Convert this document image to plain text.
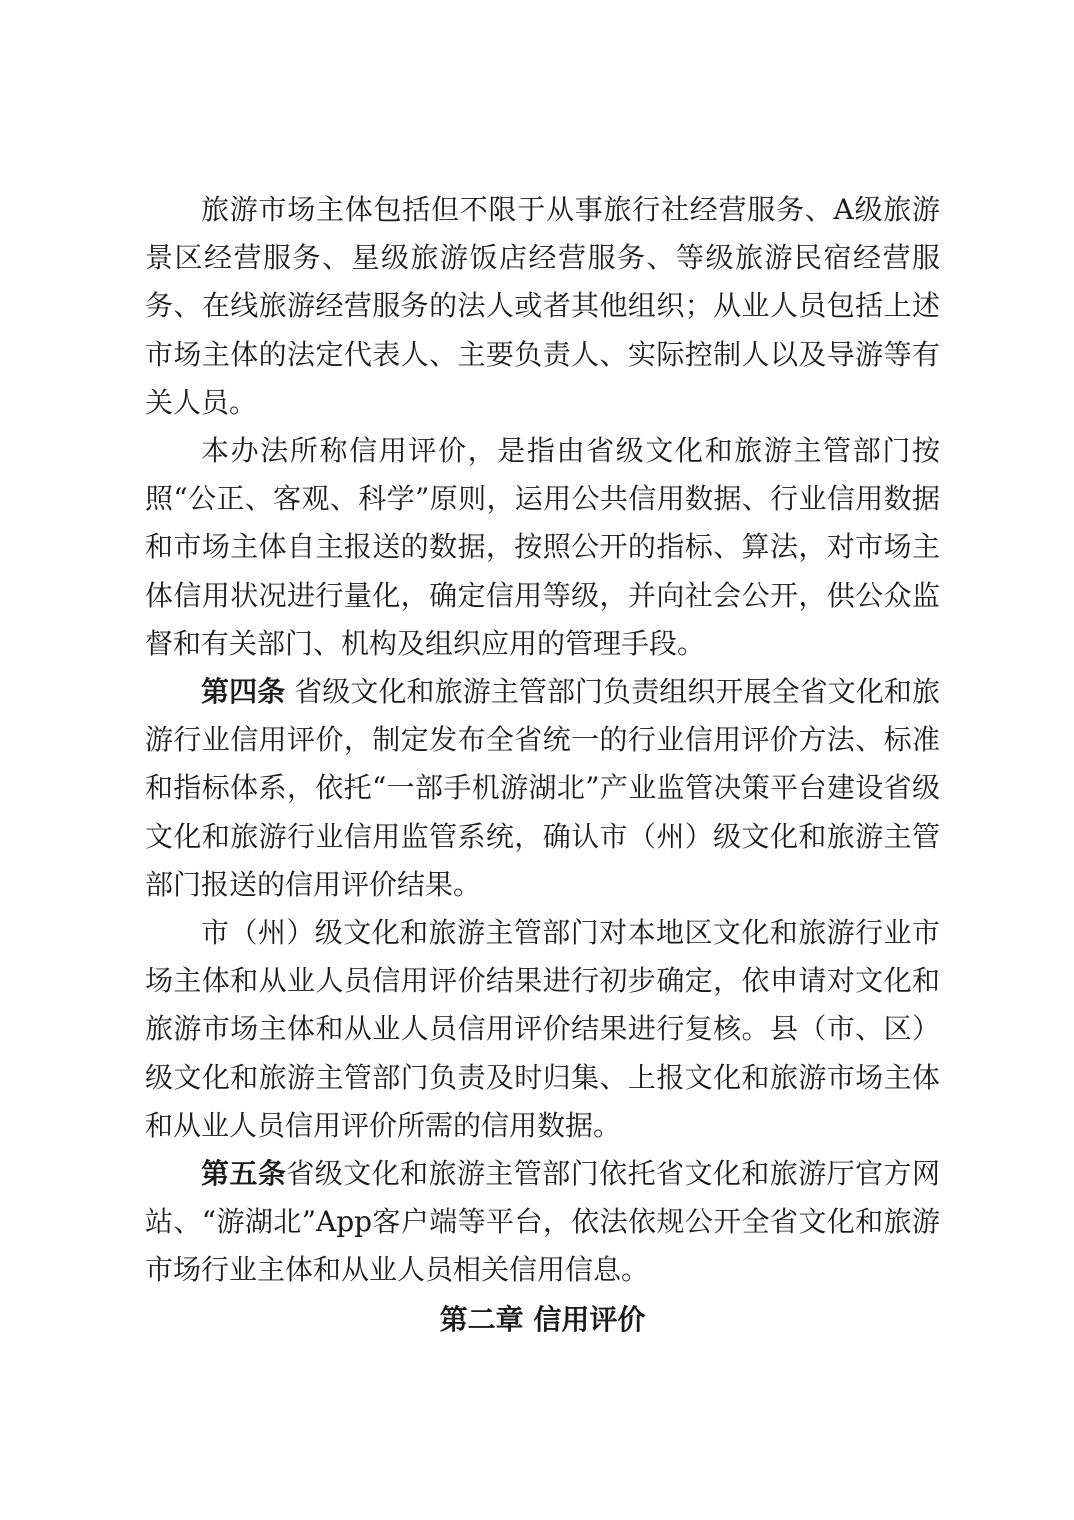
旅游市场主体包括但不限于从事旅行社经营服务、A级旅游景区经营服务、星级旅游饭店经营服务、等级旅游民宿经营服务、在线旅游经营服务的法人或者其他组织；从业人员包括上述市场主体的法定代表人、主要负责人、实际控制人以及导游等有关人员。

本办法所称信用评价，是指由省级文化和旅游主管部门按照“公正、客观、科学”原则，运用公共信用数据、行业信用数据和市场主体自主报送的数据，按照公开的指标、算法，对市场主体信用状况进行量化，确定信用等级，并向社会公开，供公众监督和有关部门、机构及组织应用的管理手段。

第四条 省级文化和旅游主管部门负责组织开展全省文化和旅游行业信用评价，制定发布全省统一的行业信用评价方法、标准和指标体系，依托“一部手机游湖北”产业监管决策平台建设省级文化和旅游行业信用监管系统，确认市（州）级文化和旅游主管部门报送的信用评价结果。

市（州）级文化和旅游主管部门对本地区文化和旅游行业市场主体和从业人员信用评价结果进行初步确定，依申请对文化和旅游市场主体和从业人员信用评价结果进行复核。县（市、区）级文化和旅游主管部门负责及时归集、上报文化和旅游市场主体和从业人员信用评价所需的信用数据。

第五条省级文化和旅游主管部门依托省文化和旅游厅官方网站、“游湖北”App客户端等平台，依法依规公开全省文化和旅游市场行业主体和从业人员相关信用信息。

第二章 信用评价
